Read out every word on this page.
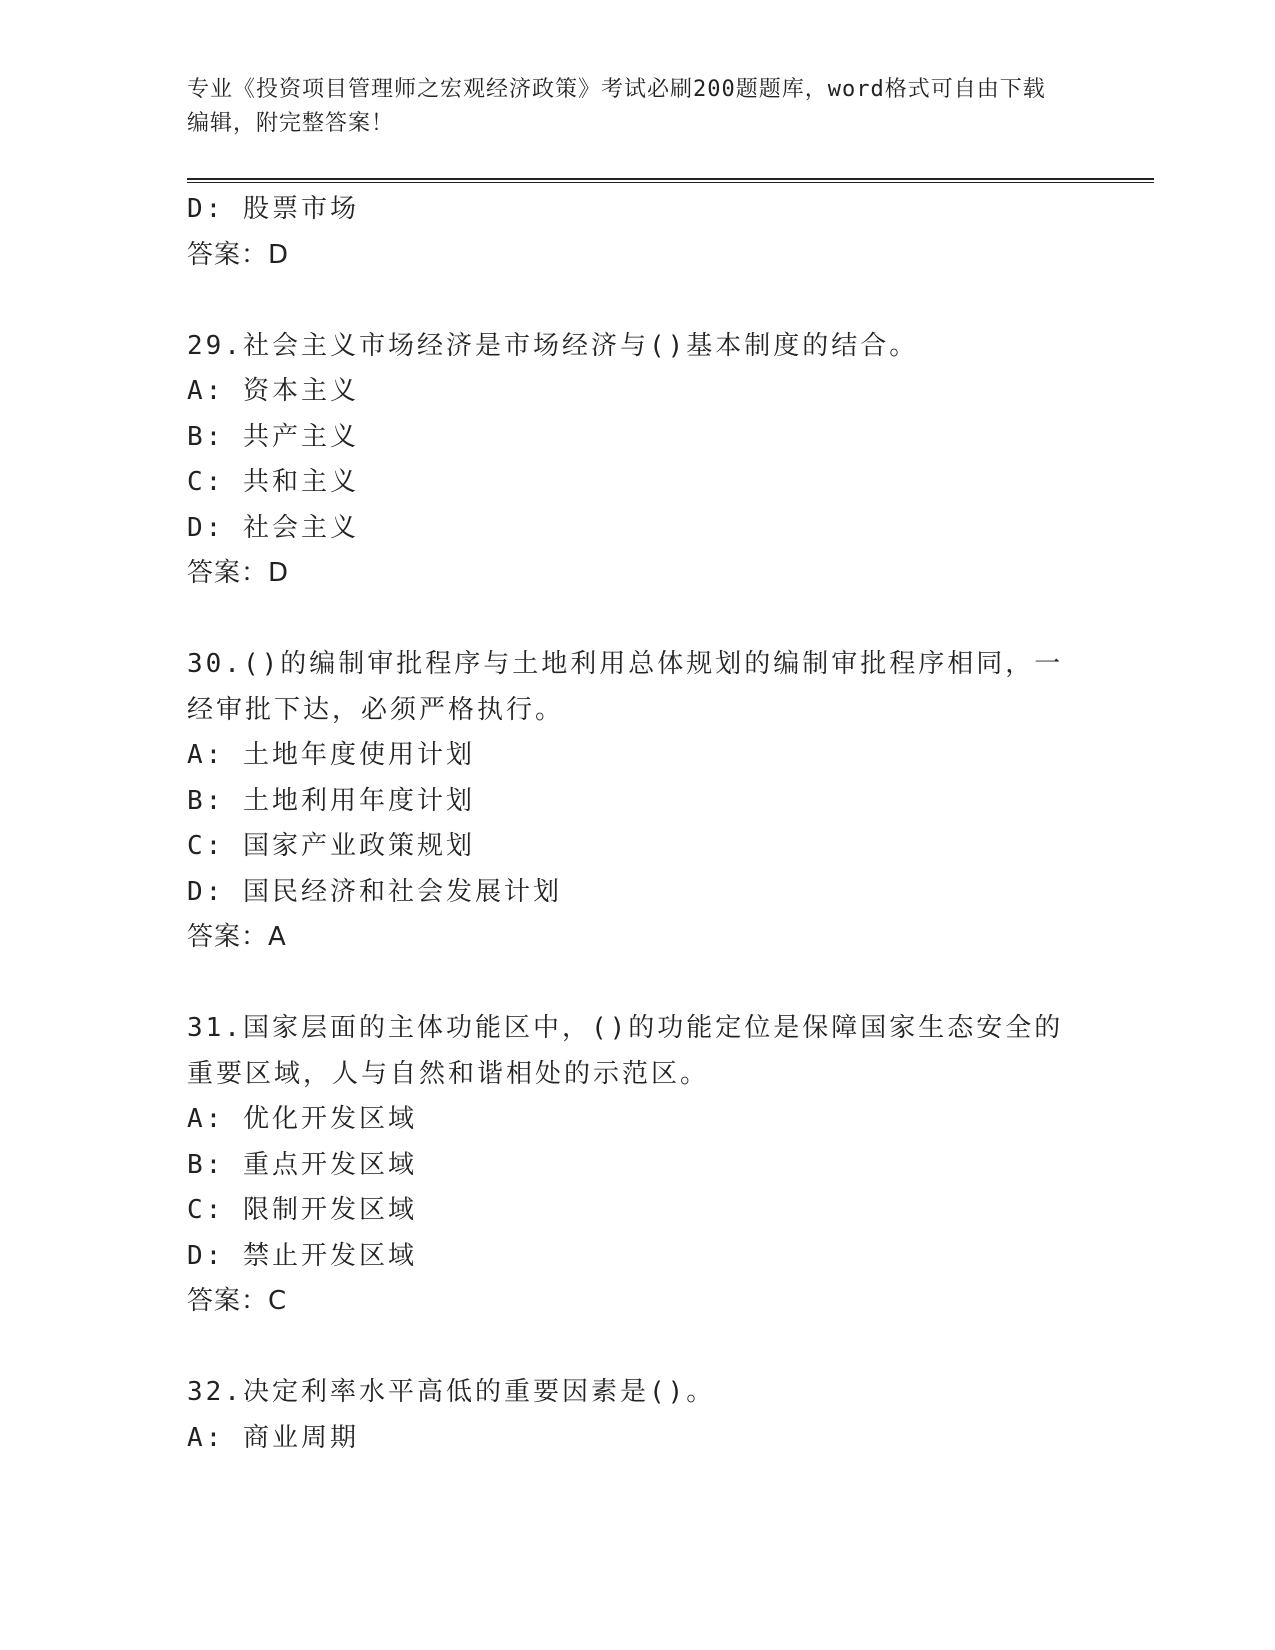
专业《投资项目管理师之宏观经济政策》考试必刷200题题库，word格式可自由下载编辑，附完整答案！
D: 股票市场
答案：D
29.社会主义市场经济是市场经济与()基本制度的结合。
A: 资本主义
B: 共产主义
C: 共和主义
D: 社会主义
答案：D
30.()的编制审批程序与土地利用总体规划的编制审批程序相同，一经审批下达，必须严格执行。
A: 土地年度使用计划
B: 土地利用年度计划
C: 国家产业政策规划
D: 国民经济和社会发展计划
答案：A
31.国家层面的主体功能区中，()的功能定位是保障国家生态安全的重要区域，人与自然和谐相处的示范区。
A: 优化开发区域
B: 重点开发区域
C: 限制开发区域
D: 禁止开发区域
答案：C
32.决定利率水平高低的重要因素是()。
A: 商业周期
